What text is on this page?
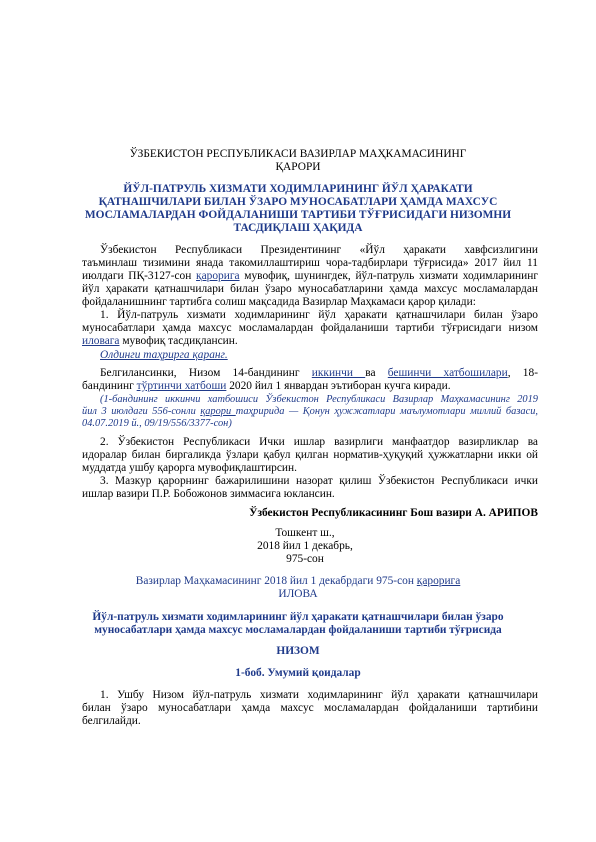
ЎЗБЕКИСТОН РЕСПУБЛИКАСИ ВАЗИРЛАР МАҲКАМАСИНИНГ
ҚАРОРИ
ЙЎЛ-ПАТРУЛЬ ХИЗМАТИ ХОДИМЛАРИНИНГ ЙЎЛ ҲАРАКАТИ
ҚАТНАШЧИЛАРИ БИЛАН ЎЗАРО МУНОСАБАТЛАРИ ҲАМДА МАХСУС
МОСЛАМАЛАРДАН ФОЙДАЛАНИШИ ТАРТИБИ ТЎҒРИСИДАГИ НИЗОМНИ
ТАСДИҚЛАШ ҲАҚИДА
Ўзбекистон Республикаси Президентининг «Йўл ҳаракати хавфсизлигини
таъминлаш тизимини янада такомиллаштириш чора-тадбирлари тўғрисида» 2017 йил 11
июлдаги ПҚ-3127-сон қарорига мувофиқ, шунингдек, йўл-патруль хизмати ходимларининг
йўл ҳаракати қатнашчилари билан ўзаро муносабатларини ҳамда махсус мосламалардан
фойдаланишнинг тартибга солиш мақсадида Вазирлар Маҳкамаси қарор қилади:
1. Йўл-патруль хизмати ходимларининг йўл ҳаракати қатнашчилари билан ўзаро
муносабатлари ҳамда махсус мосламалардан фойдаланиши тартиби тўғрисидаги низом
иловага мувофиқ тасдиқлансин.
Олдинги таҳрирга қаранг.
Белгилансинки, Низом 14-бандининг иккинчи ва бешинчи хатбошилари, 18-
бандининг тўртинчи хатбоши 2020 йил 1 январдан эътиборан кучга киради.
(1-бандининг иккинчи хатбошиси Ўзбекистон Республикаси Вазирлар Маҳкамасининг 2019
йил 3 июлдаги 556-сонли қарори таҳририда — Қонун ҳужжатлари маълумотлари миллий базаси,
04.07.2019 й., 09/19/556/3377-сон)
2. Ўзбекистон Республикаси Ички ишлар вазирлиги манфаатдор вазирликлар ва
идоралар билан биргаликда ўзлари қабул қилган норматив-ҳуқуқий ҳужжатларни икки ой
муддатда ушбу қарорга мувофиқлаштирсин.
3. Мазкур қарорнинг бажарилишини назорат қилиш Ўзбекистон Республикаси ички
ишлар вазири П.Р. Бобожонов зиммасига юклансин.
Ўзбекистон Республикасининг Бош вазири А. АРИПОВ
Тошкент ш.,
2018 йил 1 декабрь,
975-сон
Вазирлар Маҳкамасининг 2018 йил 1 декабрдаги 975-сон қарорига
ИЛОВА
Йўл-патруль хизмати ходимларининг йўл ҳаракати қатнашчилари билан ўзаро
муносабатлари ҳамда махсус мосламалардан фойдаланиши тартиби тўғрисида
НИЗОМ
1-боб. Умумий қоидалар
1. Ушбу Низом йўл-патруль хизмати ходимларининг йўл ҳаракати қатнашчилари
билан ўзаро муносабатлари ҳамда махсус мосламалардан фойдаланиши тартибини
белгилайди.
